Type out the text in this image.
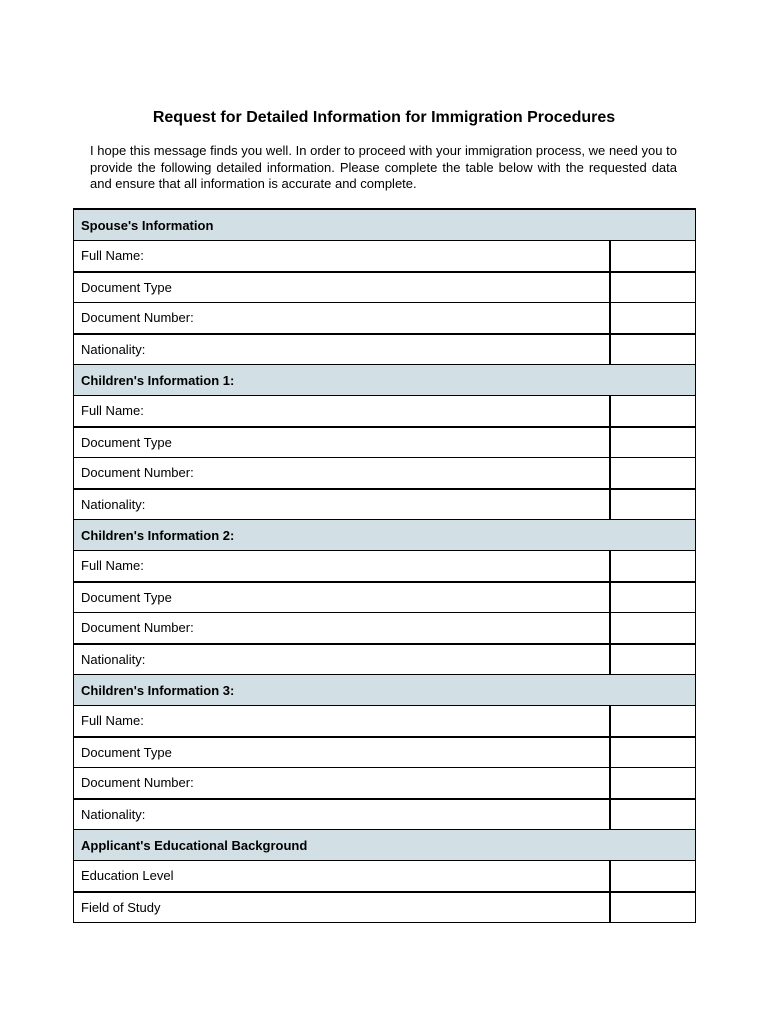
Request for Detailed Information for Immigration Procedures
I hope this message finds you well. In order to proceed with your immigration process, we need you to provide the following detailed information. Please complete the table below with the requested data and ensure that all information is accurate and complete.
Spouse's Information	
Full Name:	
Document Type	
Document Number:	
Nationality:	
Children's Information 1:	
Full Name:	
Document Type	
Document Number:	
Nationality:	
Children's Information 2:	
Full Name:	
Document Type	
Document Number:	
Nationality:	
Children's Information 3:	
Full Name:	
Document Type	
Document Number:	
Nationality:	
Applicant's Educational Background	
Education Level	
Field of Study	
